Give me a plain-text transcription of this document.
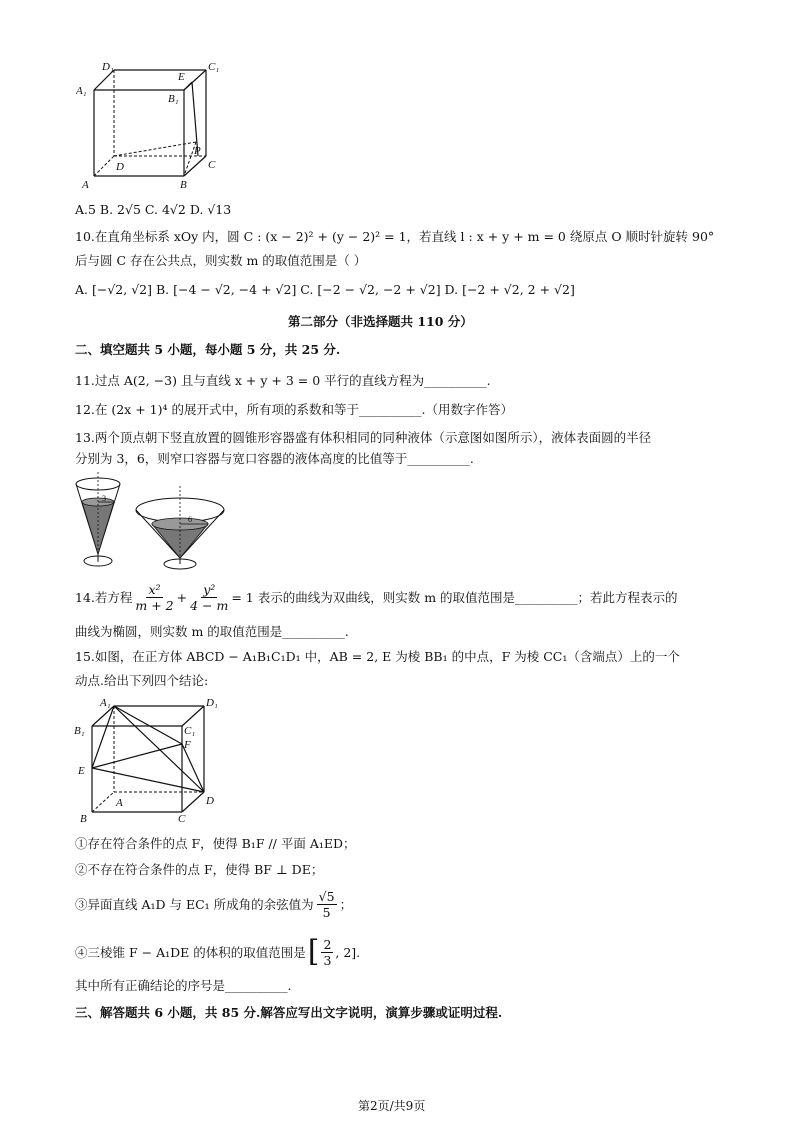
D₁	C₁
E
A₁
B₁
P
D	C
A	B
A.5 B. 2√5 C. 4√2 D. √13
10.在直角坐标系 xOy 内，圆 C : (x − 2)² + (y − 2)² = 1，若直线 l : x + y + m = 0 绕原点 O 顺时针旋转 90°
后与圆 C 存在公共点，则实数 m 的取值范围是（ ）
A. [−√2, √2] B. [−4 − √2, −4 + √2] C. [−2 − √2, −2 + √2] D. [−2 + √2, 2 + √2]
第二部分（非选择题共 110 分）
二、填空题共 5 小题，每小题 5 分，共 25 分.
11.过点 A(2, −3) 且与直线 x + y + 3 = 0 平行的直线方程为__________.
12.在 (2x + 1)⁴ 的展开式中，所有项的系数和等于__________.（用数字作答）
13.两个顶点朝下竖直放置的圆锥形容器盛有体积相同的同种液体（示意图如图所示），液体表面圆的半径
分别为 3，6，则窄口容器与宽口容器的液体高度的比值等于__________.
3
6
14.若方程 $\frac{\text{x²}}{m + 2} + \frac{\text{y²}}{4 - m} = 1$ 表示的曲线为双曲线，则实数 m 的取值范围是__________；若此方程表示的
曲线为椭圆，则实数 m 的取值范围是__________.
15.如图，在正方体 ABCD − A₁B₁C₁D₁ 中，AB = 2, E 为棱 BB₁ 的中点，F 为棱 CC₁（含端点）上的一个
动点.给出下列四个结论:
A₁	D₁
B₁	C₁
F
E
A	D
B	C
①存在符合条件的点 F，使得 B₁F // 平面 A₁ED；
②不存在符合条件的点 F，使得 BF ⊥ DE；
③异面直线 A₁D 与 EC₁ 所成角的余弦值为 $\frac{√5}{5}$ ；
④三棱锥 F − A₁DE 的体积的取值范围是 [ $\frac{2}{3}$ , 2].
其中所有正确结论的序号是__________.
三、解答题共 6 小题，共 85 分.解答应写出文字说明，演算步骤或证明过程.
第2页/共9页
